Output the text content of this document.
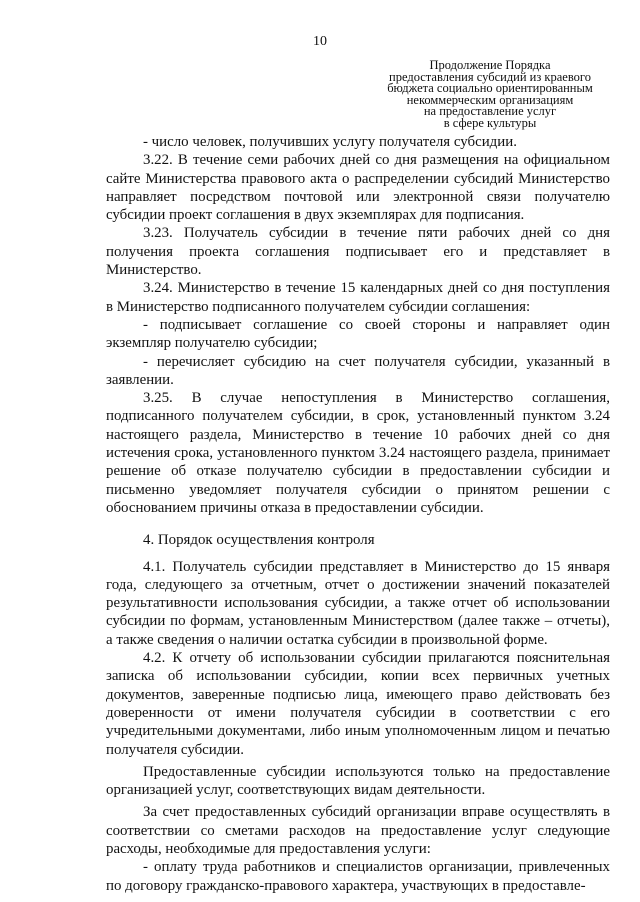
10
Продолжение Порядка
предоставления субсидий из краевого
бюджета социально ориентированным
некоммерческим организациям
на предоставление услуг
в сфере культуры

- число человек, получивших услугу получателя субсидии.

3.22. В течение семи рабочих дней со дня размещения на официальном сайте Министерства правового акта о распределении субсидий Министерство направляет посредством почтовой или электронной связи получателю субсидии проект соглашения в двух экземплярах для подписания.

3.23. Получатель субсидии в течение пяти рабочих дней со дня получения проекта соглашения подписывает его и представляет в Министерство.

3.24. Министерство в течение 15 календарных дней со дня поступления в Министерство подписанного получателем субсидии соглашения:

- подписывает соглашение со своей стороны и направляет один экземпляр получателю субсидии;

- перечисляет субсидию на счет получателя субсидии, указанный в заявлении.

3.25. В случае непоступления в Министерство соглашения, подписанного получателем субсидии, в срок, установленный пунктом 3.24 настоящего раздела, Министерство в течение 10 рабочих дней со дня истечения срока, установленного пунктом 3.24 настоящего раздела, принимает решение об отказе получателю субсидии в предоставлении субсидии и письменно уведомляет получателя субсидии о принятом решении с обоснованием причины отказа в предоставлении субсидии.

4. Порядок осуществления контроля

4.1. Получатель субсидии представляет в Министерство до 15 января года, следующего за отчетным, отчет о достижении значений показателей результативности использования субсидии, а также отчет об использовании субсидии по формам, установленным Министерством (далее также – отчеты), а также сведения о наличии остатка субсидии в произвольной форме.

4.2. К отчету об использовании субсидии прилагаются пояснительная записка об использовании субсидии, копии всех первичных учетных документов, заверенные подписью лица, имеющего право действовать без доверенности от имени получателя субсидии в соответствии с его учредительными документами, либо иным уполномоченным лицом и печатью получателя субсидии.

Предоставленные субсидии используются только на предоставление организацией услуг, соответствующих видам деятельности.

За счет предоставленных субсидий организации вправе осуществлять в соответствии со сметами расходов на предоставление услуг следующие расходы, необходимые для предоставления услуги:

- оплату труда работников и специалистов организации, привлеченных по договору гражданско-правового характера, участвующих в предоставле-
